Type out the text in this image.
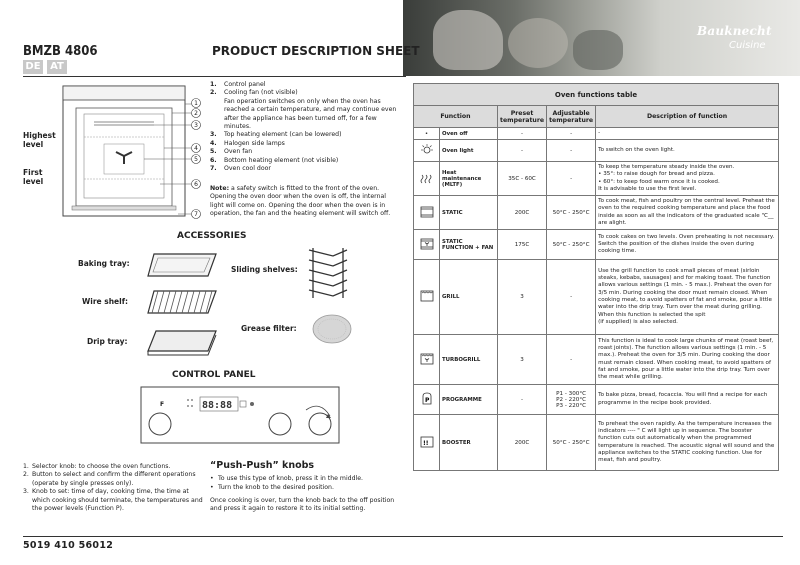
Bauknecht
Cuisine
BMZB 4806	PRODUCT DESCRIPTION SHEET
DE AT
Highest level
First level
1
2
3
4
5
6
7
1. Control panel
2. Cooling fan (not visible)
Fan operation switches on only when the oven has reached a certain temperature, and may continue even after the appliance has been turned off, for a few minutes.
3. Top heating element (can be lowered)
4. Halogen side lamps
5. Oven fan
6. Bottom heating element (not visible)
7. Oven cool door
Note: a safety switch is fitted to the front of the oven. Opening the oven door when the oven is off, the internal light will come on. Opening the door when the oven is in operation, the fan and the heating element will switch off.
ACCESSORIES
Baking tray:
Wire shelf:
Drip tray:
Sliding shelves:
Grease filter:
CONTROL PANEL
F	88:88
1. Selector knob: to choose the oven functions.
2. Button to select and confirm the different operations (operate by single presses only).
3. Knob to set: time of day, cooking time, the time at which cooking should terminate, the temperatures and the power levels (Function P).
“Push-Push” knobs
• To use this type of knob, press it in the middle.
• Turn the knob to the desired position.

Once cooking is over, turn the knob back to the off position and press it again to restore it to its initial setting.

5019 410 56012
Oven functions table				
Function		Preset temperature	Adjustable temperature	Description of function
•	Oven off	-	-	-
	Oven light	-	-	To switch on the oven light.
	Heat maintenance (MLTF)	35C - 60C	-	To keep the temperature steady inside the oven.
• 35°: to raise dough for bread and pizza.
• 60°: to keep food warm once it is cooked.
It is advisable to use the first level.
	STATIC	200C	50°C - 250°C	To cook meat, fish and poultry on the central level. Preheat the oven to the required cooking temperature and place the food inside as soon as all the indicators of the graduated scale "C__ are alight.
	STATIC FUNCTION + FAN	175C	50°C - 250°C	To cook cakes on two levels. Oven preheating is not necessary. Switch the position of the dishes inside the oven during cooking time.
	GRILL	3	-	Use the grill function to cook small pieces of meat (sirloin steaks, kebabs, sausages) and for making toast. The function allows various settings (1 min. - 5 max.). Preheat the oven for 3/5 min. During cooking the door must remain closed. When cooking meat, to avoid spatters of fat and smoke, pour a little water into the drip tray. Turn over the meat during grilling.
When this function is selected the spit
(if supplied) is also selected.
	TURBOGRILL	3	-	This function is ideal to cook large chunks of meat (roast beef, roast joints). The function allows various settings (1 min. - 5 max.). Preheat the oven for 3/5 min. During cooking the door must remain closed. When cooking meat, to avoid spatters of fat and smoke, pour a little water into the drip tray. Turn over the meat while grilling.

P	PROGRAMME	-	P1 - 300°C
P2 - 220°C
P3 - 220°C	To bake pizza, bread, focaccia. You will find a recipe for each programme in the recipe book provided.

!!	BOOSTER	200C	50°C - 250°C	To preheat the oven rapidly. As the temperature increases the indicators ---- " C will light up in sequence. The booster function cuts out automatically when the programmed temperature is reached. The acoustic signal will sound and the appliance switches to the STATIC cooking function. Use for meat, fish and poultry.
